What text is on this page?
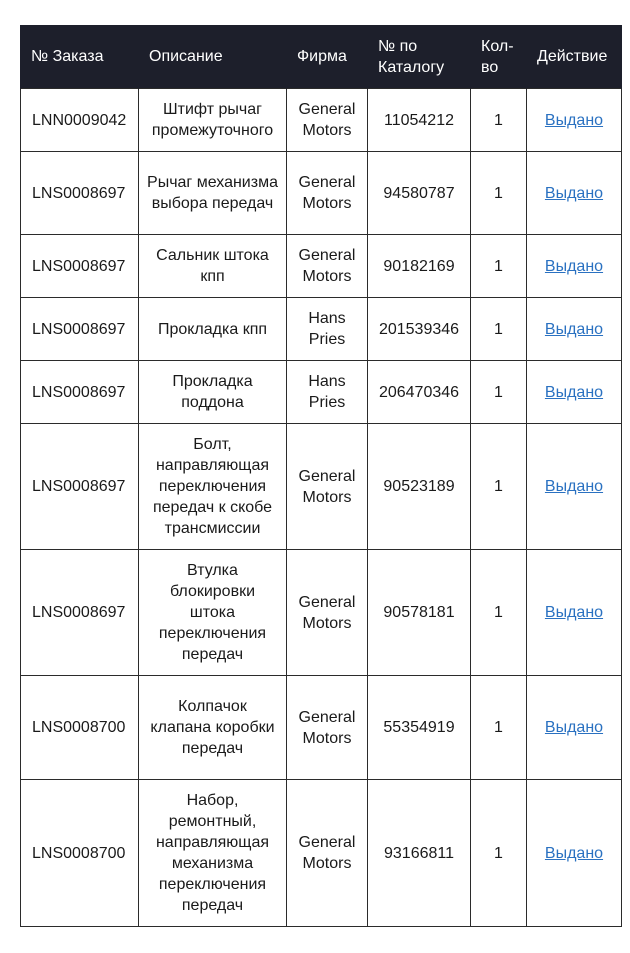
№ Заказа	Описание	Фирма	№ по Каталогу	Кол-во	Действие
LNN0009042	Штифт рычаг промежуточного	General Motors	11054212	1	Выдано
LNS0008697	Рычаг механизма выбора передач	General Motors	94580787	1	Выдано
LNS0008697	Сальник штока кпп	General Motors	90182169	1	Выдано
LNS0008697	Прокладка кпп	Hans Pries	201539346	1	Выдано
LNS0008697	Прокладка поддона	Hans Pries	206470346	1	Выдано
LNS0008697	Болт, направляющая переключения передач к скобе трансмиссии	General Motors	90523189	1	Выдано
LNS0008697	Втулка блокировки штока переключения передач	General Motors	90578181	1	Выдано
LNS0008700	Колпачок клапана коробки передач	General Motors	55354919	1	Выдано
LNS0008700	Набор, ремонтный, направляющая механизма переключения передач	General Motors	93166811	1	Выдано
